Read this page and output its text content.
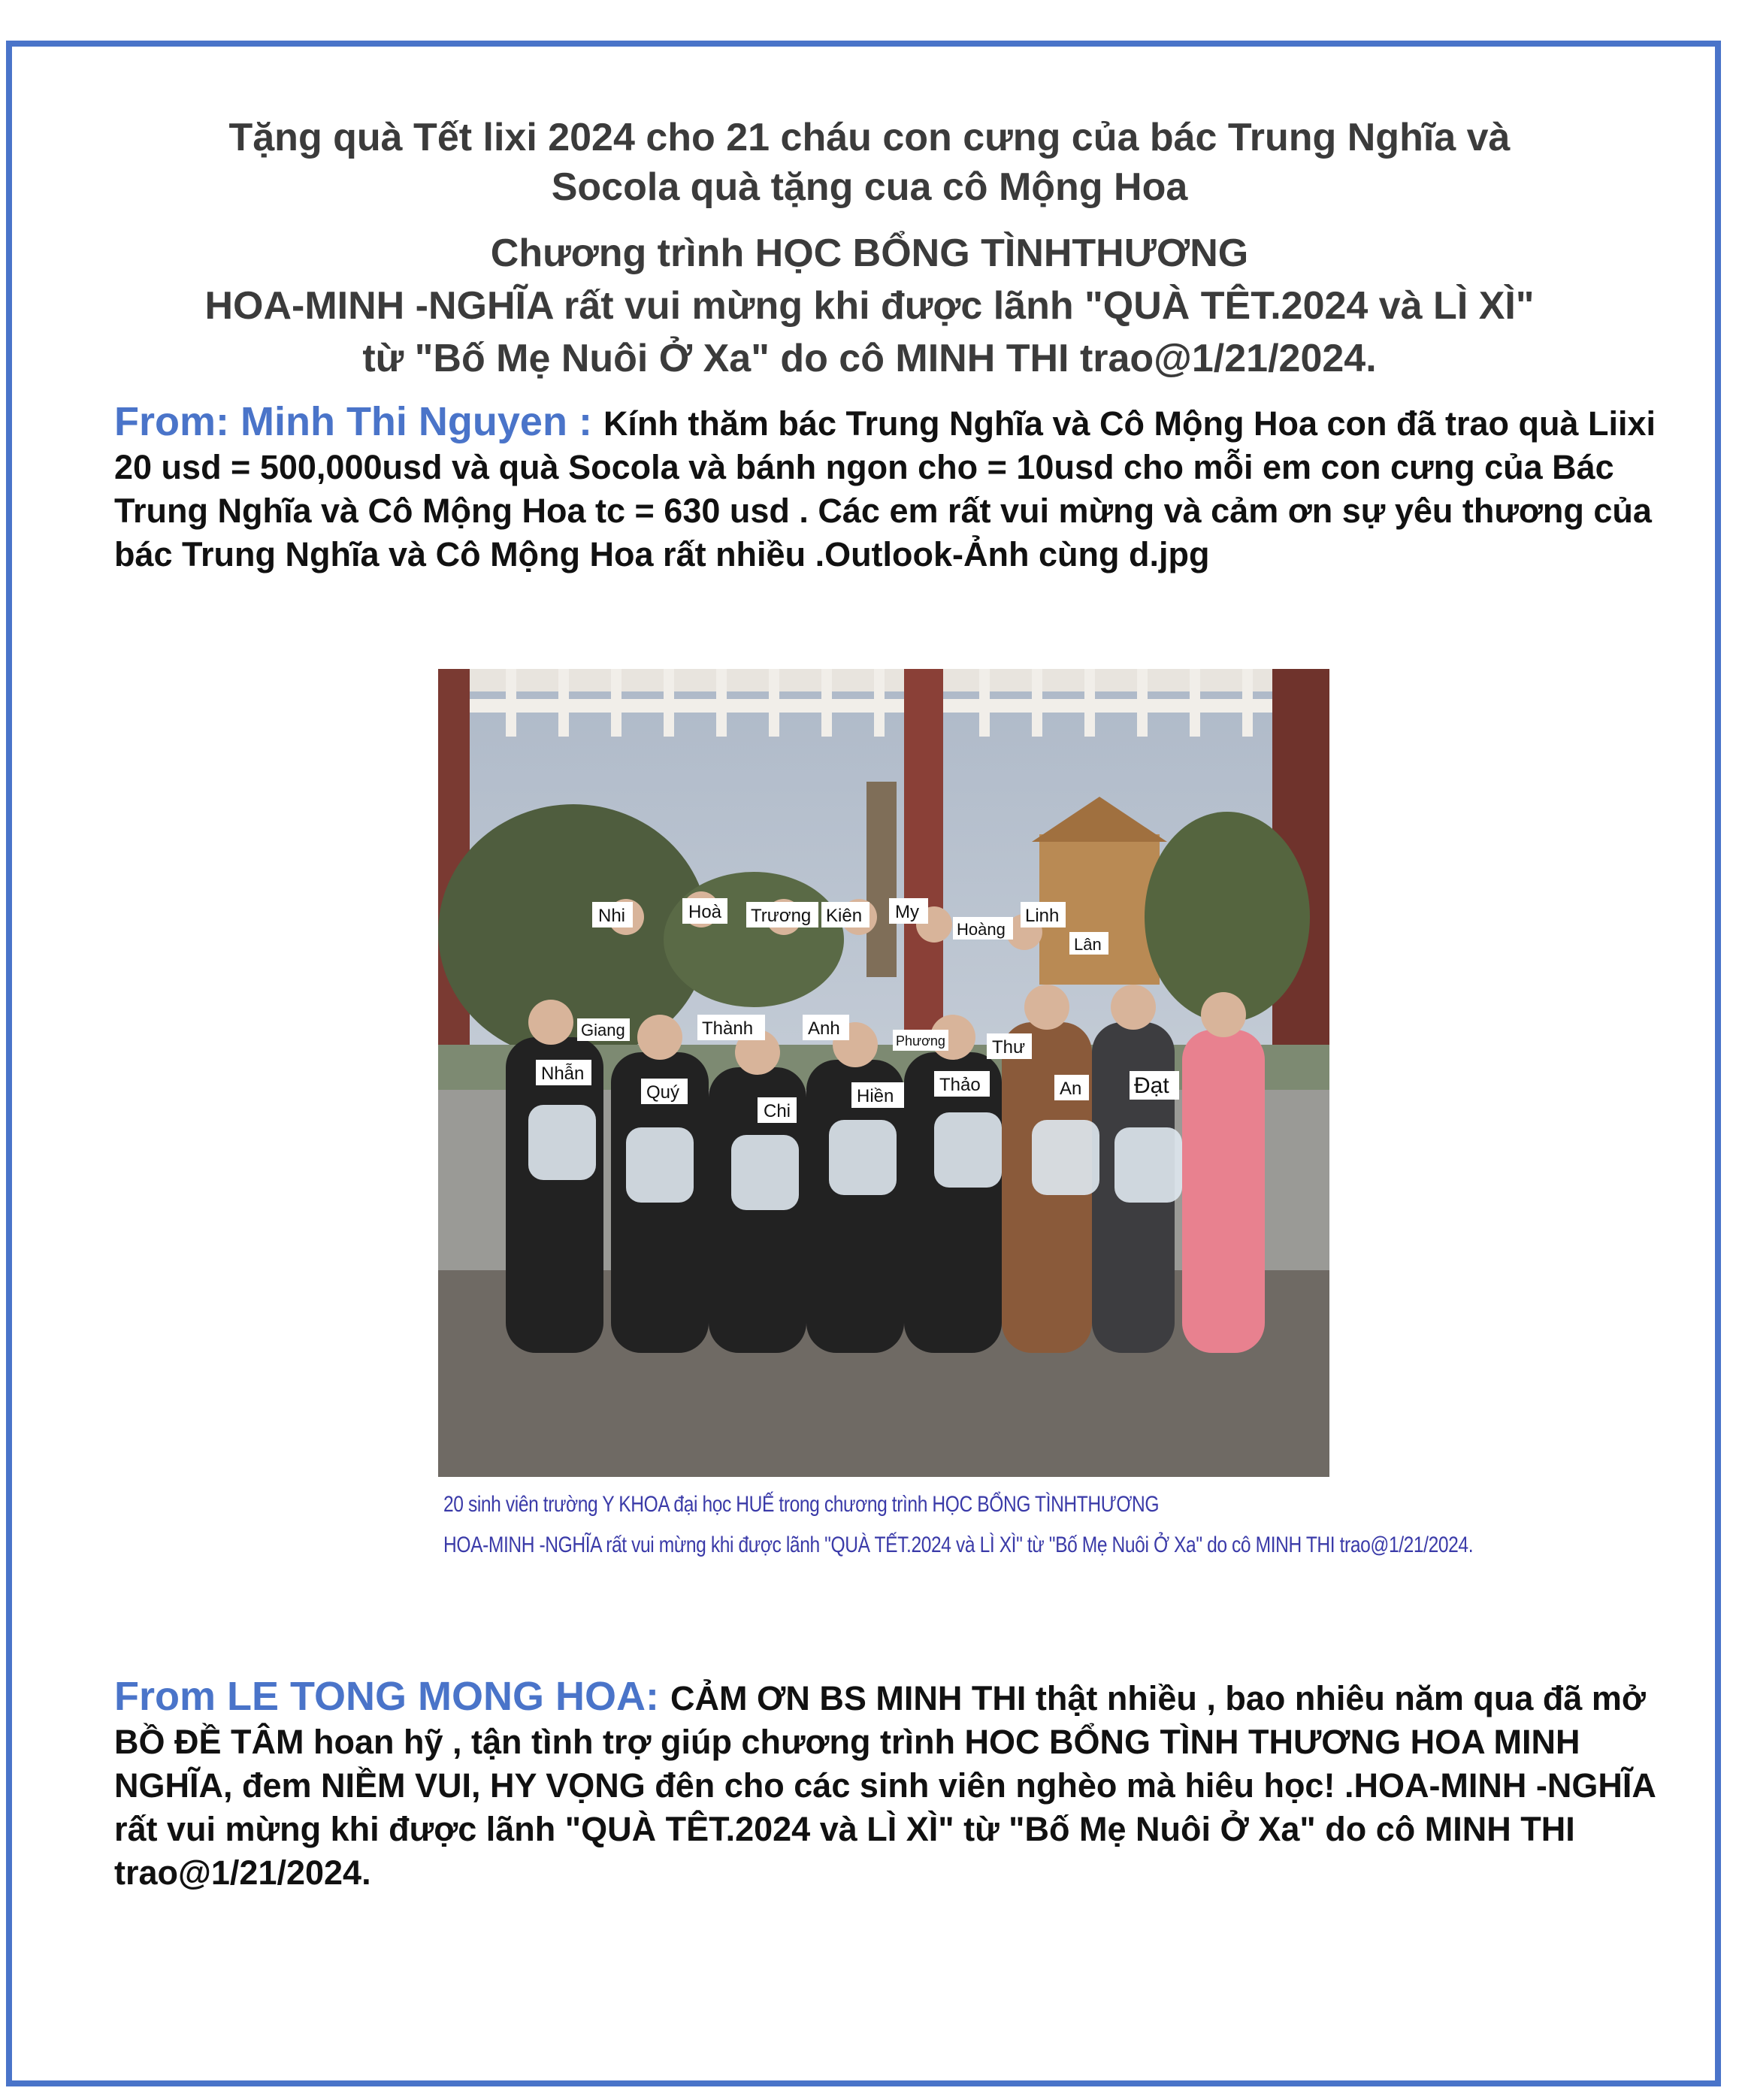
Tặng quà Tết lixi 2024 cho 21 cháu con cưng của bác Trung Nghĩa và

Socola quà tặng cua cô Mộng Hoa

Chương trình HỌC BỔNG TÌNHTHƯƠNG

HOA-MINH -NGHĨA rất vui mừng khi được lãnh "QUÀ TÊT.2024 và LÌ XÌ"

từ "Bố Mẹ Nuôi Ở Xa" do cô MINH THI trao@1/21/2024.

From: Minh Thi Nguyen : Kính thăm bác Trung Nghĩa và Cô Mộng Hoa con đã trao quà Liixi 20 usd = 500,000usd và quà Socola và bánh ngon cho = 10usd cho mỗi em con cưng của Bác Trung Nghĩa và Cô Mộng Hoa tc = 630 usd . Các em rất vui mừng và cảm ơn sự yêu thương của bác Trung Nghĩa và Cô Mộng Hoa rất nhiều .Outlook-Ảnh cùng d.jpg
Nhi	Hoà Trương Kiên My
Hoàng
Linh
Lân
Giang	Thành	Anh
Phương	Thư
Nhẫn
Quý
Chi
Hiền
Thảo	An Đạt
20 sinh viên trường Y KHOA đại học HUẾ trong chương trình HỌC BỔNG TÌNHTHƯƠNG
HOA-MINH -NGHĨA rất vui mừng khi được lãnh "QUÀ TẾT.2024 và LÌ XÌ" từ "Bố Mẹ Nuôi Ở Xa" do cô MINH THI trao@1/21/2024.
From LE TONG MONG HOA: CẢM ƠN BS MINH THI thật nhiều , bao nhiêu năm qua đã mở BỒ ĐỀ TÂM hoan hỹ , tận tình trợ giúp chương trình HOC BỔNG TÌNH THƯƠNG HOA MINH NGHĨA, đem NIỀM VUI, HY VỌNG đên cho các sinh viên nghèo mà hiêu học! .HOA-MINH -NGHĨA rất vui mừng khi được lãnh "QUÀ TÊT.2024 và LÌ XÌ" từ "Bố Mẹ Nuôi Ở Xa" do cô MINH THI trao@1/21/2024.
